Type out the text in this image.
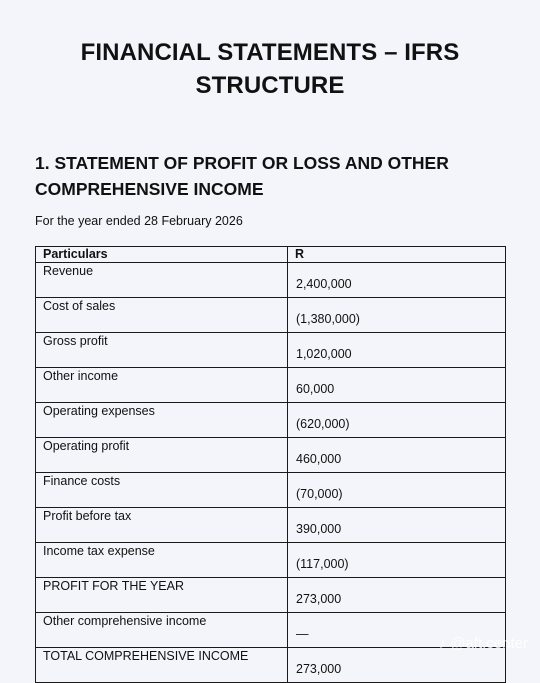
FINANCIAL STATEMENTS – IFRS
STRUCTURE
1. STATEMENT OF PROFIT OR LOSS AND OTHER
COMPREHENSIVE INCOME
For the year ended 28 February 2026
Particulars	R
Revenue	2,400,000
Cost of sales	(1,380,000)
Gross profit	1,020,000
Other income	60,000
Operating expenses	(620,000)
Operating profit	460,000
Finance costs	(70,000)
Profit before tax	390,000
Income tax expense	(117,000)
PROFIT FOR THE YEAR	273,000
Other comprehensive income	—
TOTAL COMPREHENSIVE INCOME	273,000
♪ @aft.center
